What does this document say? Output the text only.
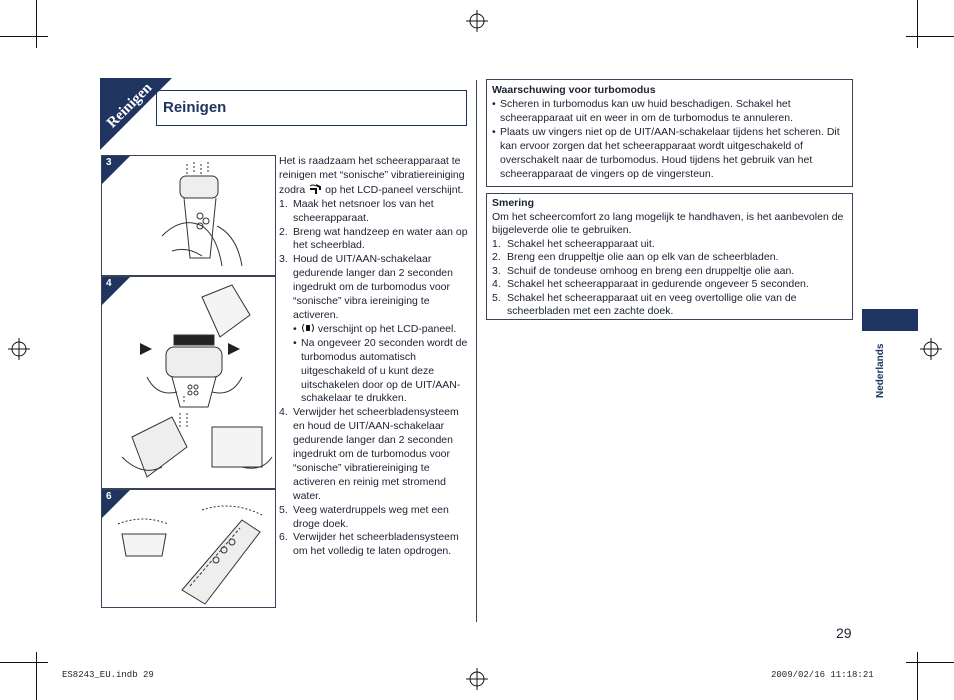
Reinigen Reinigen
3
4
6

Het is raadzaam het scheerapparaat te reinigen met “sonische” vibratiereiniging zodra op het LCD-paneel verschijnt.

1. Maak het netsnoer los van het scheerapparaat.
2. Breng wat handzeep en water aan op het scheerblad.
3. Houd de UIT/AAN-schakelaar gedurende langer dan 2 seconden ingedrukt om de turbomodus voor “sonische” vibra iereiniging te activeren.
•	verschijnt op het LCD-paneel.
• Na ongeveer 20 seconden wordt de turbomodus automatisch uitgeschakeld of u kunt deze uitschakelen door op de UIT/AAN-schakelaar te drukken.
4. Verwijder het scheerbladensysteem en houd de UIT/AAN-schakelaar gedurende langer dan 2 seconden ingedrukt om de turbomodus voor “sonische” vibratiereiniging te activeren en reinig met stromend water.
5. Veeg waterdruppels weg met een droge doek.
6. Verwijder het scheerbladensysteem om het volledig te laten opdrogen.
Waarschuwing voor turbomodus
• Scheren in turbomodus kan uw huid beschadigen. Schakel het scheerapparaat uit en weer in om de turbomodus te annuleren.
• Plaats uw vingers niet op de UIT/AAN-schakelaar tijdens het scheren. Dit kan ervoor zorgen dat het scheerapparaat wordt uitgeschakeld of overschakelt naar de turbomodus. Houd tijdens het gebruik van het scheerapparaat de vingers op de vingersteun.
Smering
Om het scheercomfort zo lang mogelijk te handhaven, is het aanbevolen de bijgeleverde olie te gebruiken.
1. Schakel het scheerapparaat uit.
2. Breng een druppeltje olie aan op elk van de scheerbladen.
3. Schuif de tondeuse omhoog en breng een druppeltje olie aan.
4. Schakel het scheerapparaat in gedurende ongeveer 5 seconden.
5. Schakel het scheerapparaat uit en veeg overtollige olie van de scheerbladen met een zachte doek.
Nederlands
29
ES8243_EU.indb 29	2009/02/16 11:18:21
